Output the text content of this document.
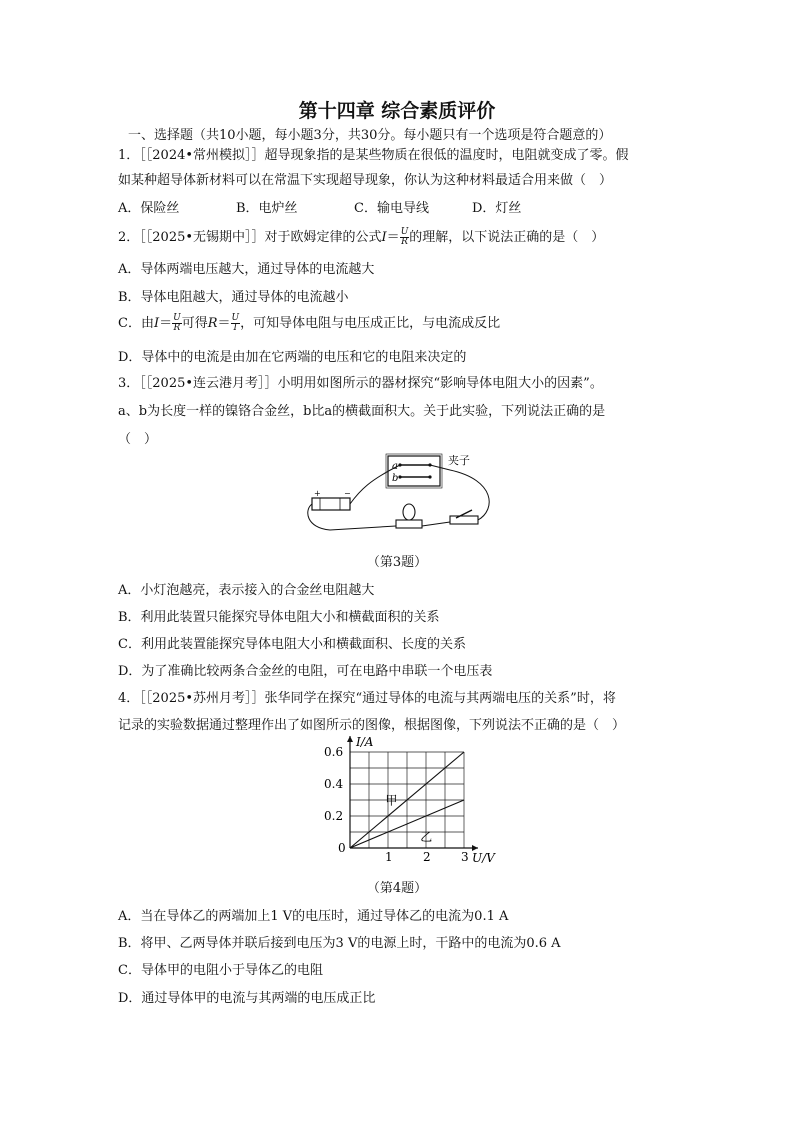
第十四章 综合素质评价
一、选择题（共10小题，每小题3分，共30分。每小题只有一个选项是符合题意的）
1．［［2024•常州模拟］］超导现象指的是某些物质在很低的温度时，电阻就变成了零。假
如某种超导体新材料可以在常温下实现超导现象，你认为这种材料最适合用来做（　）
A．保险丝	B．电炉丝	C．输电导线	D．灯丝
2．［［2025•无锡期中］］对于欧姆定律的公式$I= \frac{U}{R}$ 的理解，以下说法正确的是（　）
A．导体两端电压越大，通过导体的电流越大
B．导体电阻越大，通过导体的电流越小
C．由$I= \frac{U}{R}$ 可得$R= \frac{U}{I}$ ，可知导体电阻与电压成正比，与电流成反比
D．导体中的电流是由加在它两端的电压和它的电阻来决定的
3．［［2025•连云港月考］］小明用如图所示的器材探究“影响导体电阻大小的因素”。
a、b为长度一样的镍铬合金丝，b比a的横截面积大。关于此实验，下列说法正确的是
（　）
a
b
夹子
+	−
（第3题）
A．小灯泡越亮，表示接入的合金丝电阻越大
B．利用此装置只能探究导体电阻大小和横截面积的关系
C．利用此装置能探究导体电阻大小和横截面积、长度的关系
D．为了准确比较两条合金丝的电阻，可在电路中串联一个电压表
4．［［2025•苏州月考］］张华同学在探究“通过导体的电流与其两端电压的关系”时，将
记录的实验数据通过整理作出了如图所示的图像，根据图像，下列说法不正确的是（　）
甲
乙
1	2	3
0.2
0.4
0.6
0
U/V
I/A
（第4题）
A．当在导体乙的两端加上1 V的电压时，通过导体乙的电流为0.1 A
B．将甲、乙两导体并联后接到电压为3 V的电源上时，干路中的电流为0.6 A
C．导体甲的电阻小于导体乙的电阻
D．通过导体甲的电流与其两端的电压成正比
